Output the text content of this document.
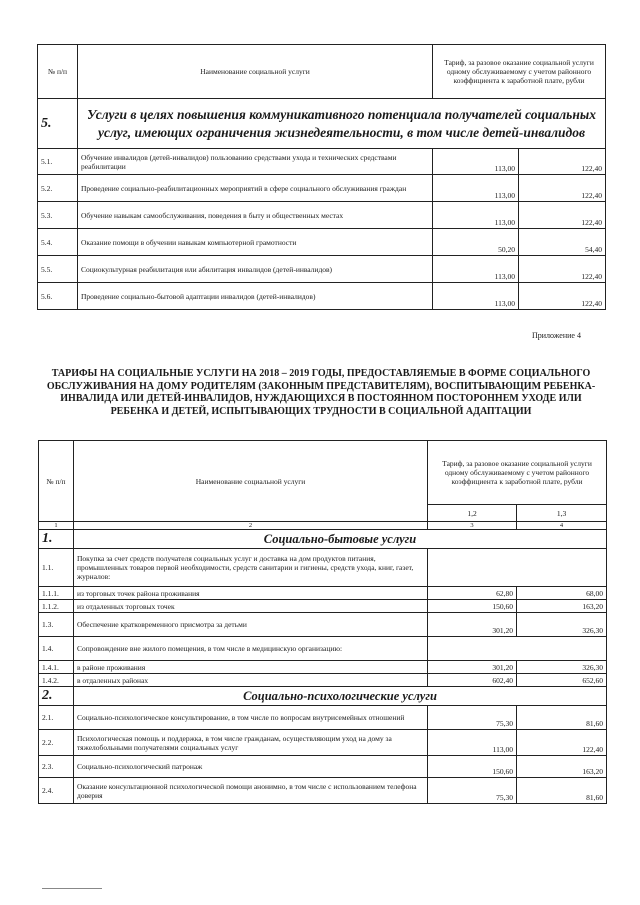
№ п/п	Наименование социальной услуги	Тариф, за разовое оказание социальной услуги одному обслуживаемому с учетом районного коэффициента к заработной плате, рубли	
5.	Услуги в целях повышения коммуникативного потенциала получателей социальных услуг, имеющих ограничения жизнедеятельности, в том числе детей-инвалидов		
5.1.	Обучение инвалидов (детей-инвалидов) пользованию средствами ухода и технических средствами реабилитации	113,00	122,40
5.2.	Проведение социально-реабилитационных мероприятий в сфере социального обслуживания граждан	113,00	122,40
5.3.	Обучение навыкам самообслуживания, поведения в быту и общественных местах	113,00	122,40
5.4.	Оказание помощи в обучении навыкам компьютерной грамотности	50,20	54,40
5.5.	Социокультурная реабилитация или абилитация инвалидов (детей-инвалидов)	113,00	122,40
5.6.	Проведение социально-бытовой адаптации инвалидов (детей-инвалидов)	113,00	122,40
Приложение 4
ТАРИФЫ НА СОЦИАЛЬНЫЕ УСЛУГИ НА 2018 – 2019 ГОДЫ, ПРЕДОСТАВЛЯЕМЫЕ В ФОРМЕ СОЦИАЛЬНОГО ОБСЛУЖИВАНИЯ НА ДОМУ РОДИТЕЛЯМ (ЗАКОННЫМ ПРЕДСТАВИТЕЛЯМ), ВОСПИТЫВАЮЩИМ РЕБЕНКА-ИНВАЛИДА ИЛИ ДЕТЕЙ-ИНВАЛИДОВ, НУЖДАЮЩИХСЯ В ПОСТОЯННОМ ПОСТОРОННЕМ УХОДЕ ИЛИ РЕБЕНКА И ДЕТЕЙ, ИСПЫТЫВАЮЩИХ ТРУДНОСТИ В СОЦИАЛЬНОЙ АДАПТАЦИИ
№ п/п	Наименование социальной услуги	Тариф, за разовое оказание социальной услуги одному обслуживаемому с учетом районного коэффициента к заработной плате, рубли	
		1,2	1,3
1	2	3	4
1.	Социально-бытовые услуги		
1.1.	Покупка за счет средств получателя социальных услуг и доставка на дом продуктов питания, промышленных товаров первой необходимости, средств санитарии и гигиены, средств ухода, книг, газет, журналов:		
1.1.1.	из торговых точек района проживания	62,80	68,00
1.1.2.	из отдаленных торговых точек	150,60	163,20
1.3.	Обеспечение кратковременного присмотра за детьми	301,20	326,30
1.4.	Сопровождение вне жилого помещения, в том числе в медицинскую организацию:		
1.4.1.	в районе проживания	301,20	326,30
1.4.2.	в отдаленных районах	602,40	652,60
2.	Социально-психологические услуги		
2.1.	Социально-психологическое консультирование, в том числе по вопросам внутрисемейных отношений	75,30	81,60
2.2.	Психологическая помощь и поддержка, в том числе гражданам, осуществляющим уход на дому за тяжелобольными получателями социальных услуг	113,00	122,40
2.3.	Социально-психологический патронаж	150,60	163,20
2.4.	Оказание консультационной психологической помощи анонимно, в том числе с использованием телефона доверия	75,30	81,60
